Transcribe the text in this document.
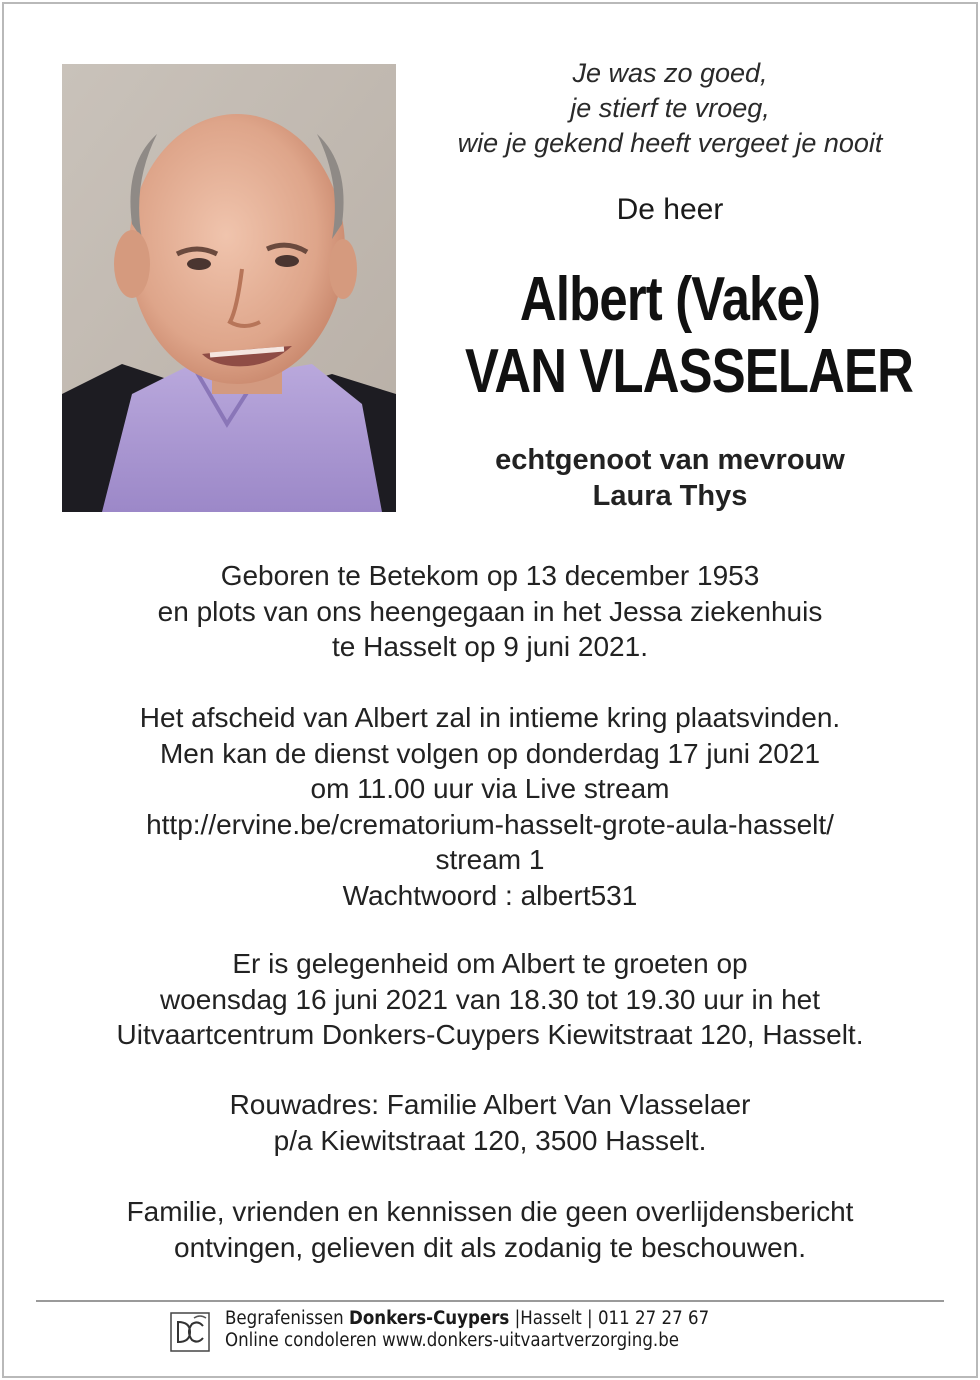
Je was zo goed,
je stierf te vroeg,
wie je gekend heeft vergeet je nooit
De heer
Albert (Vake)
VAN VLASSELAER
echtgenoot van mevrouw
Laura Thys
Geboren te Betekom op 13 december 1953
en plots van ons heengegaan in het Jessa ziekenhuis
te Hasselt op 9 juni 2021.
Het afscheid van Albert zal in intieme kring plaatsvinden.
Men kan de dienst volgen op donderdag 17 juni 2021
om 11.00 uur via Live stream
http://ervine.be/crematorium-hasselt-grote-aula-hasselt/
stream 1
Wachtwoord : albert531
Er is gelegenheid om Albert te groeten op
woensdag 16 juni 2021 van 18.30 tot 19.30 uur in het
Uitvaartcentrum Donkers-Cuypers Kiewitstraat 120, Hasselt.
Rouwadres: Familie Albert Van Vlasselaer
p/a Kiewitstraat 120, 3500 Hasselt.
Familie, vrienden en kennissen die geen overlijdensbericht
ontvingen, gelieven dit als zodanig te beschouwen.
Begrafenissen Donkers-Cuypers |Hasselt | 011 27 27 67
Online condoleren www.donkers-uitvaartverzorging.be
